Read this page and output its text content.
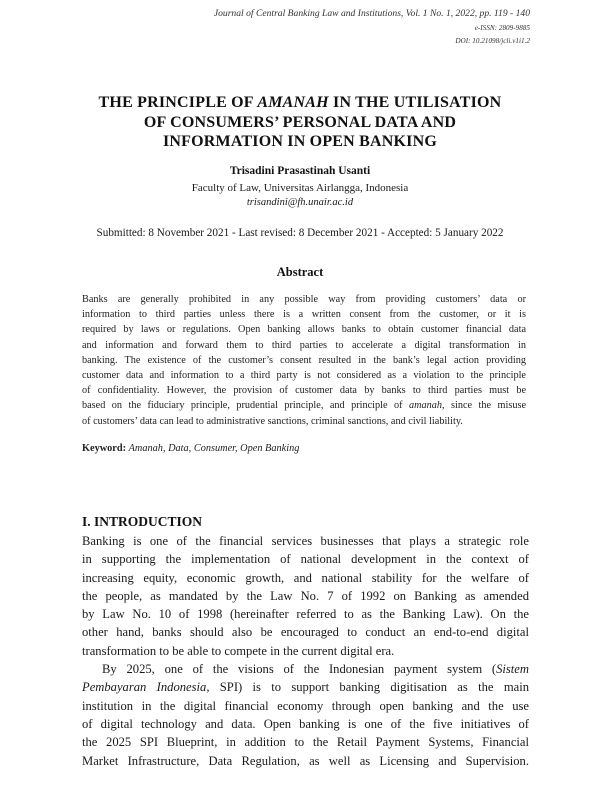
Journal of Central Banking Law and Institutions, Vol. 1 No. 1, 2022, pp. 119 - 140
e-ISSN: 2809-9885
DOI: 10.21098/jcli.v1i1.2
THE PRINCIPLE OF AMANAH IN THE UTILISATION
OF CONSUMERS’ PERSONAL DATA AND
INFORMATION IN OPEN BANKING
Trisadini Prasastinah Usanti
Faculty of Law, Universitas Airlangga, Indonesia
trisandini@fh.unair.ac.id
Submitted: 8 November 2021 - Last revised: 8 December 2021 - Accepted: 5 January 2022
Abstract
Banks are generally prohibited in any possible way from providing customers’ data or
information to third parties unless there is a written consent from the customer, or it is
required by laws or regulations. Open banking allows banks to obtain customer financial data
and information and forward them to third parties to accelerate a digital transformation in
banking. The existence of the customer’s consent resulted in the bank’s legal action providing
customer data and information to a third party is not considered as a violation to the principle
of confidentiality. However, the provision of customer data by banks to third parties must be
based on the fiduciary principle, prudential principle, and principle of amanah, since the misuse
of customers’ data can lead to administrative sanctions, criminal sanctions, and civil liability.
Keyword: Amanah, Data, Consumer, Open Banking
I. INTRODUCTION
Banking is one of the financial services businesses that plays a strategic role
in supporting the implementation of national development in the context of
increasing equity, economic growth, and national stability for the welfare of
the people, as mandated by the Law No. 7 of 1992 on Banking as amended
by Law No. 10 of 1998 (hereinafter referred to as the Banking Law). On the
other hand, banks should also be encouraged to conduct an end-to-end digital
transformation to be able to compete in the current digital era.
By 2025, one of the visions of the Indonesian payment system (Sistem
Pembayaran Indonesia, SPI) is to support banking digitisation as the main
institution in the digital financial economy through open banking and the use
of digital technology and data. Open banking is one of the five initiatives of
the 2025 SPI Blueprint, in addition to the Retail Payment Systems, Financial
Market Infrastructure, Data Regulation, as well as Licensing and Supervision.
